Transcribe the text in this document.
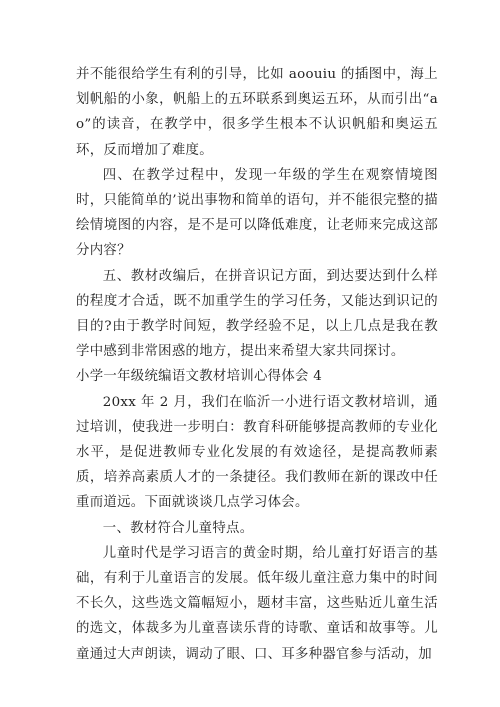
并不能很给学生有利的引导，比如 aoouiu 的插图中，海上划帆船的小象，帆船上的五环联系到奥运五环，从而引出“ao”的读音，在教学中，很多学生根本不认识帆船和奥运五环，反而增加了难度。

四、在教学过程中，发现一年级的学生在观察情境图时，只能简单的’说出事物和简单的语句，并不能很完整的描绘情境图的内容，是不是可以降低难度，让老师来完成这部分内容？

五、教材改编后，在拼音识记方面，到达要达到什么样的程度才合适，既不加重学生的学习任务，又能达到识记的目的?由于教学时间短，教学经验不足，以上几点是我在教学中感到非常困惑的地方，提出来希望大家共同探讨。

小学一年级统编语文教材培训心得体会 4

20xx 年 2 月，我们在临沂一小进行语文教材培训，通过培训，使我进一步明白：教育科研能够提高教师的专业化水平，是促进教师专业化发展的有效途径，是提高教师素质，培养高素质人才的一条捷径。我们教师在新的课改中任重而道远。下面就谈谈几点学习体会。

一、教材符合儿童特点。

儿童时代是学习语言的黄金时期，给儿童打好语言的基础，有利于儿童语言的发展。低年级儿童注意力集中的时间不长久，这些选文篇幅短小，题材丰富，这些贴近儿童生活的选文，体裁多为儿童喜读乐背的诗歌、童话和故事等。儿童通过大声朗读，调动了眼、口、耳多种器官参与活动，加
